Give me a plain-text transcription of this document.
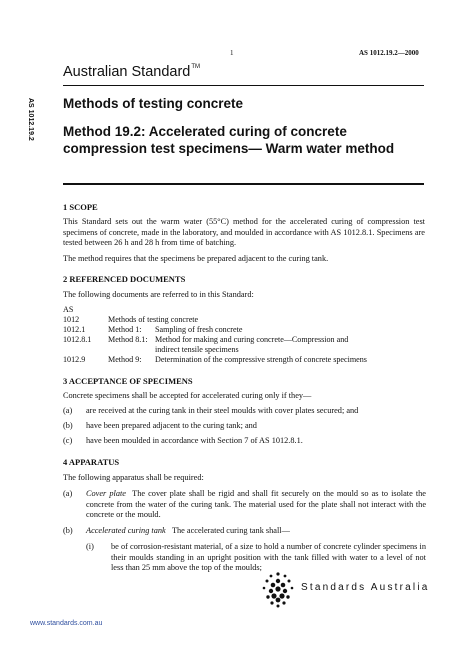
1	AS 1012.19.2—2000
Australian Standard™
AS 1012.19.2 Methods of testing concrete
Method 19.2: Accelerated curing of concrete compression test specimens— Warm water method
1 SCOPE
This Standard sets out the warm water (55°C) method for the accelerated curing of compression test specimens of concrete, made in the laboratory, and moulded in accordance with AS 1012.8.1. Specimens are tested between 26 h and 28 h from time of batching.
The method requires that the specimens be prepared adjacent to the curing tank.
2 REFERENCED DOCUMENTS
The following documents are referred to in this Standard:
AS
1012	Methods of testing concrete
1012.1	Method 1: Sampling of fresh concrete
1012.8.1 Method 8.1: Method for making and curing concrete—Compression and
indirect tensile specimens
1012.9	Method 9: Determination of the compressive strength of concrete specimens
3 ACCEPTANCE OF SPECIMENS
Concrete specimens shall be accepted for accelerated curing only if they—
(a) are received at the curing tank in their steel moulds with cover plates secured; and
(b) have been prepared adjacent to the curing tank; and
(c) have been moulded in accordance with Section 7 of AS 1012.8.1.
4 APPARATUS
The following apparatus shall be required:
(a) Cover plate The cover plate shall be rigid and shall fit securely on the mould so as to isolate the concrete from the water of the curing tank. The material used for the plate shall not interact with the concrete or the mould.
(b) Accelerated curing tank The accelerated curing tank shall—
(i) be of corrosion-resistant material, of a size to hold a number of concrete cylinder specimens in their moulds standing in an upright position with the tank filled with water to a level of not less than 25 mm above the top of the moulds;
Standards Australia
www.standards.com.au
